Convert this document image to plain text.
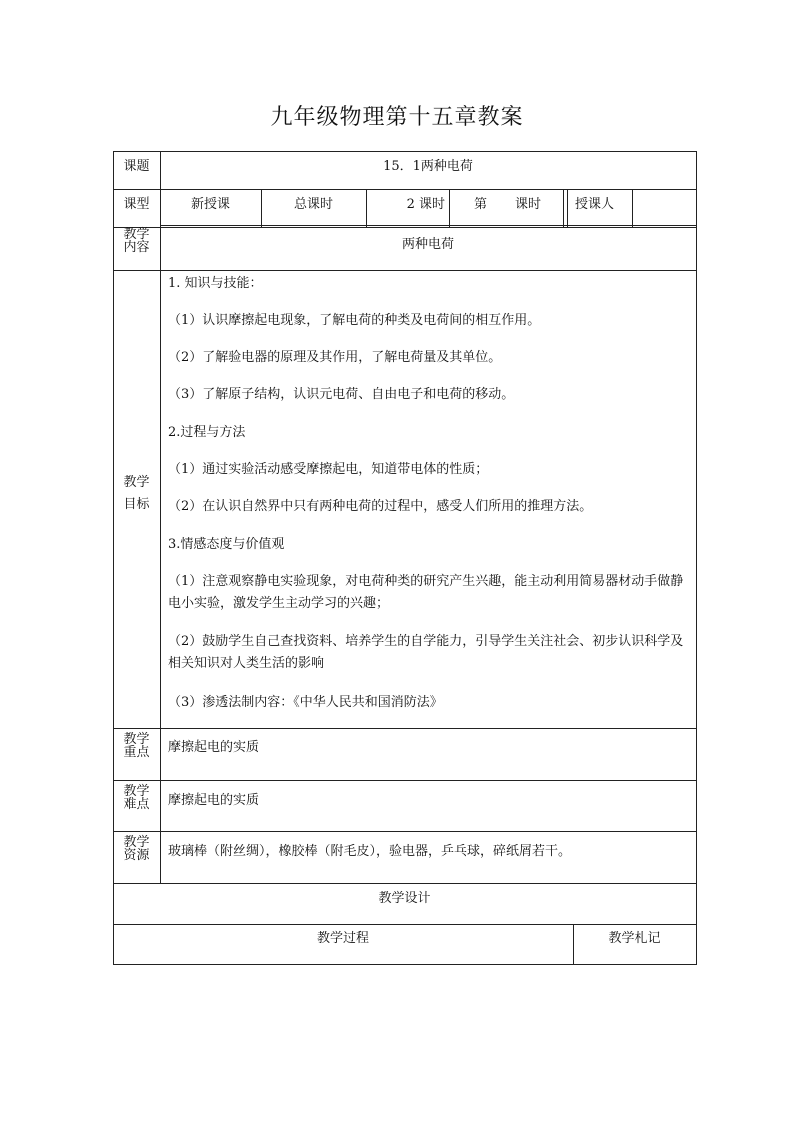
九年级物理第十五章教案
课题	15．1两种电荷
课型	新授课	总课时	2 课时 第 课时	授课人
教学
内容	两种电荷
教学
目标
1. 知识与技能：
（1）认识摩擦起电现象，了解电荷的种类及电荷间的相互作用。
（2）了解验电器的原理及其作用，了解电荷量及其单位。
（3）了解原子结构，认识元电荷、自由电子和电荷的移动。
2.过程与方法
（1）通过实验活动感受摩擦起电，知道带电体的性质；
（2）在认识自然界中只有两种电荷的过程中，感受人们所用的推理方法。
3.情感态度与价值观
（1）注意观察静电实验现象，对电荷种类的研究产生兴趣，能主动利用简易器材动手做静电小实验，激发学生主动学习的兴趣；
（2）鼓励学生自己查找资料、培养学生的自学能力，引导学生关注社会、初步认识科学及相关知识对人类生活的影响
（3）渗透法制内容：《中华人民共和国消防法》
教学
重点	摩擦起电的实质
教学
难点	摩擦起电的实质
教学
资源	玻璃棒（附丝绸），橡胶棒（附毛皮），验电器，乒乓球，碎纸屑若干。
教学设计
教学过程	教学札记
